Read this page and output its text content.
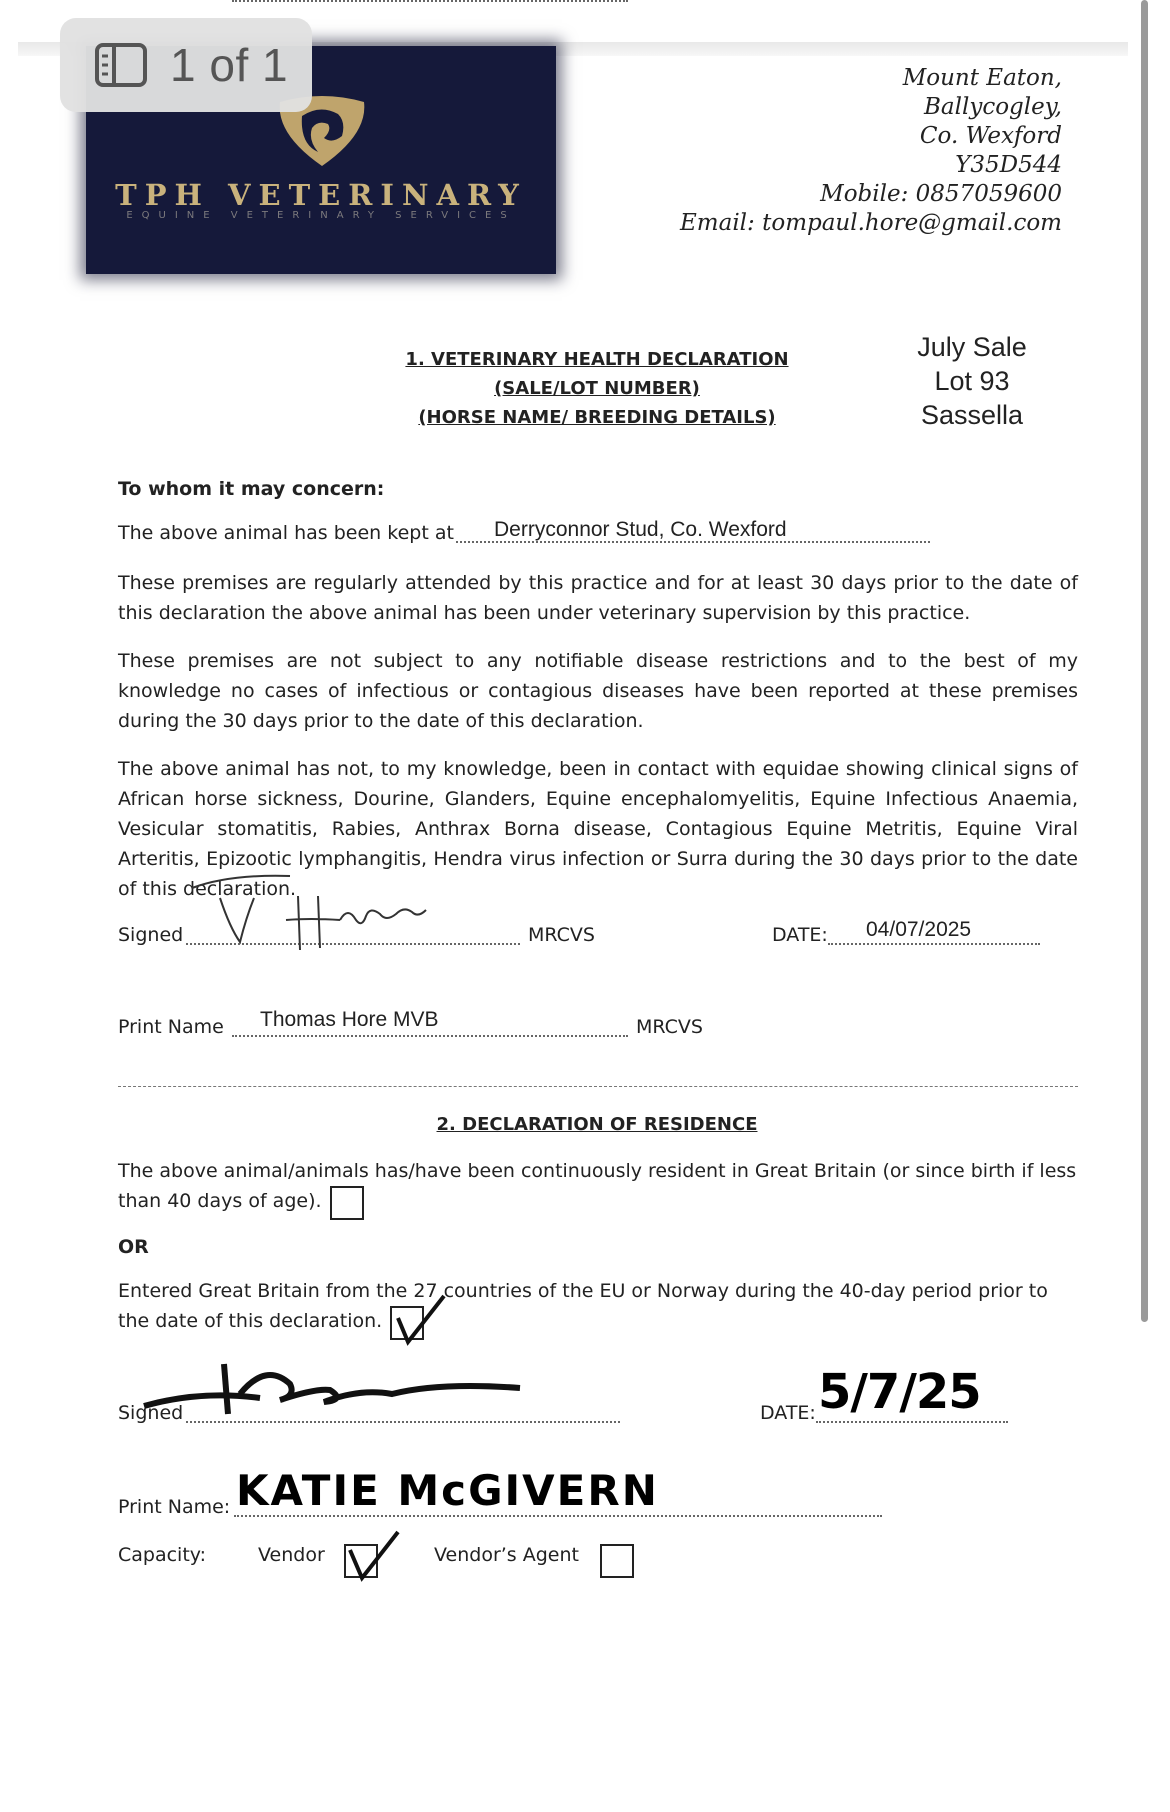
TPH VETERINARY
EQUINE VETERINARY SERVICES
Mount Eaton,
Ballycogley,
Co. Wexford
Y35D544
Mobile: 0857059600
Email: tompaul.hore@gmail.com
1. VETERINARY HEALTH DECLARATION
(SALE/LOT NUMBER)
(HORSE NAME/ BREEDING DETAILS)
July Sale
Lot 93
Sassella
To whom it may concern:
The above animal has been kept at Derryconnor Stud, Co. Wexford
These premises are regularly attended by this practice and for at least 30 days prior to the date of this declaration the above animal has been under veterinary supervision by this practice.
These premises are not subject to any notifiable disease restrictions and to the best of my knowledge no cases of infectious or contagious diseases have been reported at these premises during the 30 days prior to the date of this declaration.
The above animal has not, to my knowledge, been in contact with equidae showing clinical signs of African horse sickness, Dourine, Glanders, Equine encephalomyelitis, Equine Infectious Anaemia, Vesicular stomatitis, Rabies, Anthrax Borna disease, Contagious Equine Metritis, Equine Viral Arteritis, Epizootic lymphangitis, Hendra virus infection or Surra during the 30 days prior to the date of this declaration.
Signed	MRCVS	DATE: 04/07/2025
Print Name Thomas Hore MVB	MRCVS
2. DECLARATION OF RESIDENCE
The above animal/animals has/have been continuously resident in Great Britain (or since birth if less than 40 days of age).
OR
Entered Great Britain from the 27 countries of the EU or Norway during the 40-day period prior to the date of this declaration.
Signed	DATE: 5/7/25
Print Name: KATIE McGIVERN
Capacity:	Vendor	Vendor’s Agent
1 of 1
